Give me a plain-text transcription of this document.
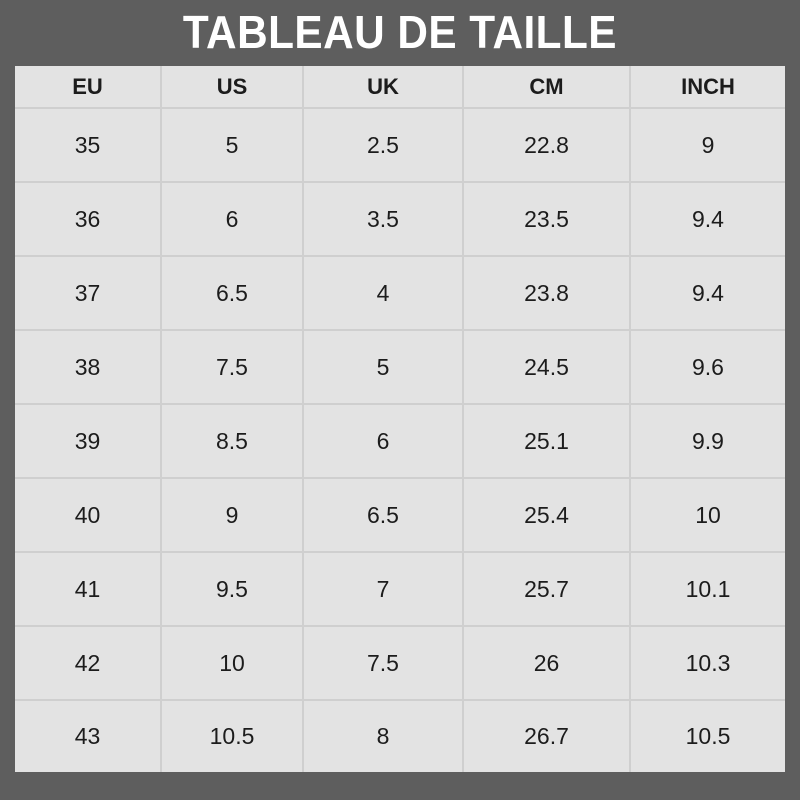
TABLEAU DE TAILLE
EU	US	UK	CM	INCH
35	5	2.5	22.8	9
36	6	3.5	23.5	9.4
37	6.5	4	23.8	9.4
38	7.5	5	24.5	9.6
39	8.5	6	25.1	9.9
40	9	6.5	25.4	10
41	9.5	7	25.7	10.1
42	10	7.5	26	10.3
43	10.5	8	26.7	10.5
